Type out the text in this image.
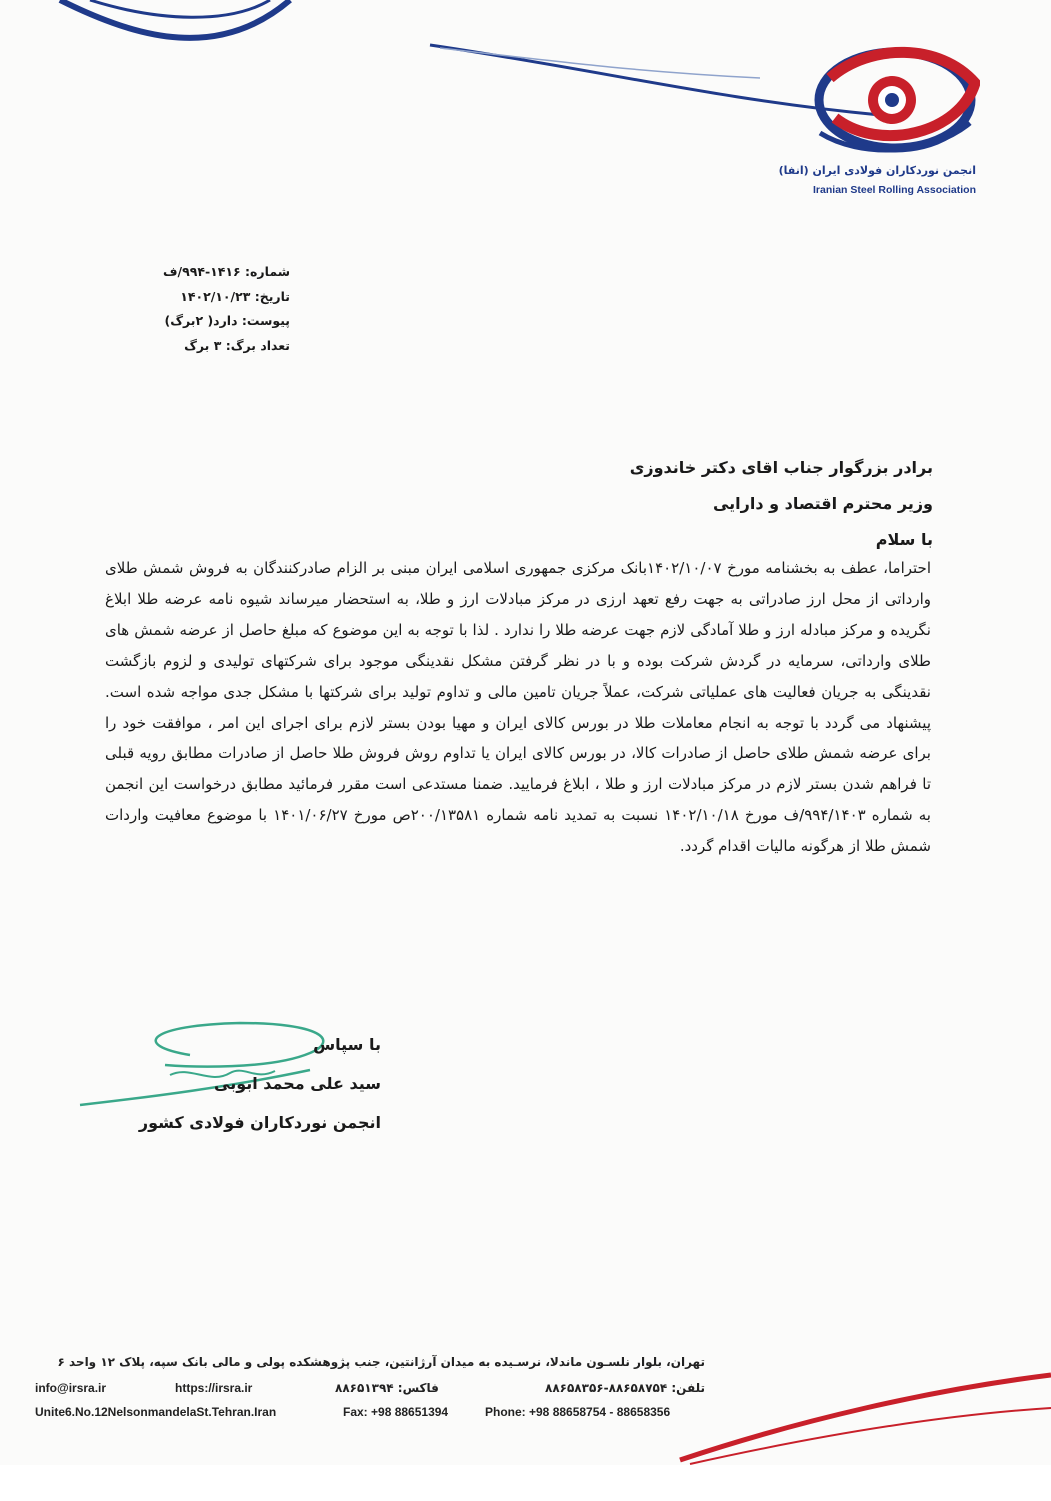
انجمن نوردکاران فولادی ایران (انفا)
Iranian Steel Rolling Association
شماره: ۱۴۱۶-۹۹۴/ف
تاریخ: ۱۴۰۲/۱۰/۲۳
پیوست: دارد( ۲برگ)
تعداد برگ: ۳ برگ
برادر بزرگوار جناب اقای دکتر خاندوزی
وزیر محترم اقتصاد و دارایی
با سلام

احتراما، عطف به بخشنامه مورخ ۱۴۰۲/۱۰/۰۷بانک مرکزی جمهوری اسلامی ایران مبنی بر الزام صادرکنندگان به فروش شمش طلای وارداتی از محل ارز صادراتی به جهت رفع تعهد ارزی در مرکز مبادلات ارز و طلا، به استحضار میرساند شیوه نامه عرضه طلا ابلاغ نگریده و مرکز مبادله ارز و طلا آمادگی لازم جهت عرضه طلا را ندارد . لذا با توجه به این موضوع که مبلغ حاصل از عرضه شمش های طلای وارداتی، سرمایه در گردش شرکت بوده و با در نظر گرفتن مشکل نقدینگی موجود برای شرکتهای تولیدی و لزوم بازگشت نقدینگی به جریان فعالیت های عملیاتی شرکت، عملاً جریان تامین مالی و تداوم تولید برای شرکتها با مشکل جدی مواجه شده است. پیشنهاد می گردد با توجه به انجام معاملات طلا در بورس کالای ایران و مهیا بودن بستر لازم برای اجرای این امر ، موافقت خود را برای عرضه شمش طلای حاصل از صادرات کالا، در بورس کالای ایران یا تداوم روش فروش طلا حاصل از صادرات مطابق رویه قبلی تا فراهم شدن بستر لازم در مرکز مبادلات ارز و طلا ، ابلاغ فرمایید. ضمنا مستدعی است مقرر فرمائید مطابق درخواست این انجمن به شماره ۹۹۴/۱۴۰۳/ف مورخ ۱۴۰۲/۱۰/۱۸ نسبت به تمدید نامه شماره ۲۰۰/۱۳۵۸۱ص مورخ ۱۴۰۱/۰۶/۲۷ با موضوع معافیت واردات شمش طلا از هرگونه مالیات اقدام گردد.

با سپاس
سید علی محمد ابوبی
انجمن نوردکاران فولادی کشور
تهران، بلوار نلسـون ماندلا، نرسـیده به میدان آرژانتین، جنب پژوهشکده پولی و مالی بانک سپه، پلاک ۱۲ واحد ۶
info@irsra.ir	https://irsra.ir	فاکس: ۸۸۶۵۱۳۹۴	تلفن: ۸۸۶۵۸۷۵۴-۸۸۶۵۸۳۵۶
Unite6.No.12NelsonmandelaSt.Tehran.Iran	Fax: +98 88651394	Phone: +98 88658754 - 88658356
